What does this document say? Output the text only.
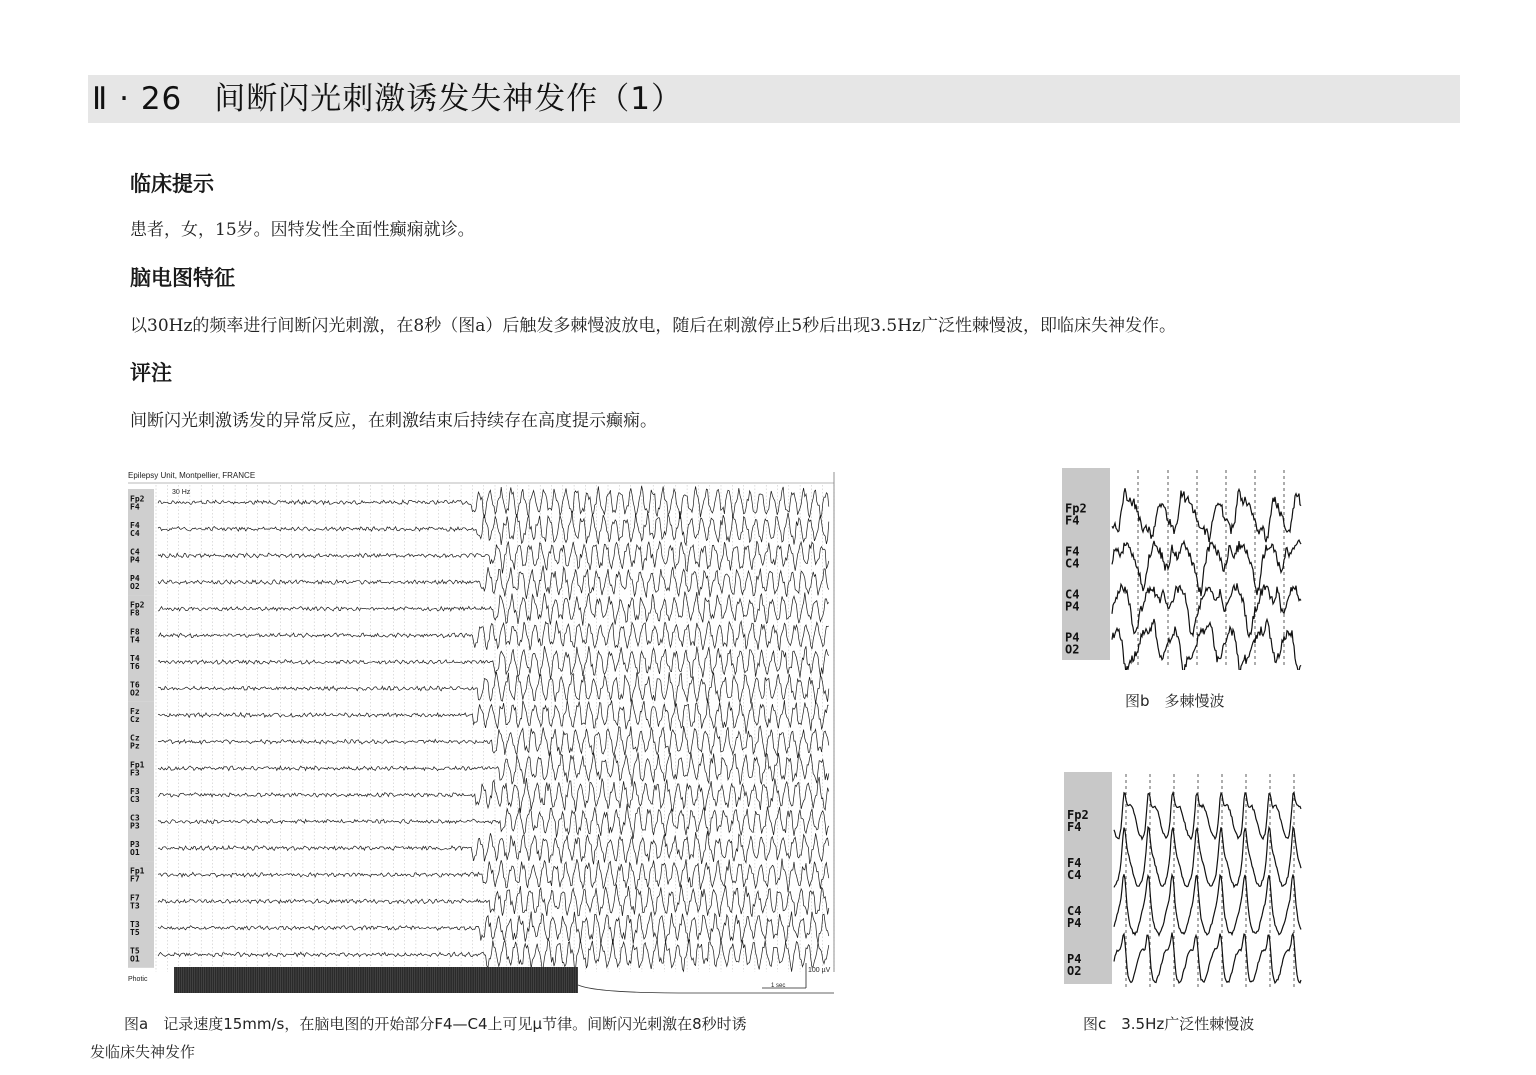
Ⅱ · 26　间断闪光刺激诱发失神发作（1）
临床提示
患者，女，15岁。因特发性全面性癫痫就诊。
脑电图特征
以30Hz的频率进行间断闪光刺激，在8秒（图a）后触发多棘慢波放电，随后在刺激停止5秒后出现3.5Hz广泛性棘慢波，即临床失神发作。
评注
间断闪光刺激诱发的异常反应，在刺激结束后持续存在高度提示癫痫。
Epilepsy Unit, Montpellier, FRANCE
30 Hz
Fp2
F4
F4
C4
C4
P4
P4
O2
Fp2
F8
F8
T4
T4
T6
T6
O2
Fz
Cz
Cz
Pz
Fp1
F3
F3
C3
C3
P3
P3
O1
Fp1
F7
F7
T3
T3
T5
T5
O1
Photic
100 µV
1 sec
图a　记录速度15mm/s，在脑电图的开始部分F4—C4上可见μ节律。间断闪光刺激在8秒时诱
发临床失神发作
Fp2
F4
F4
C4
C4
P4
P4
O2
图b　多棘慢波
Fp2
F4
F4
C4
C4
P4
P4
O2
图c　3.5Hz广泛性棘慢波
